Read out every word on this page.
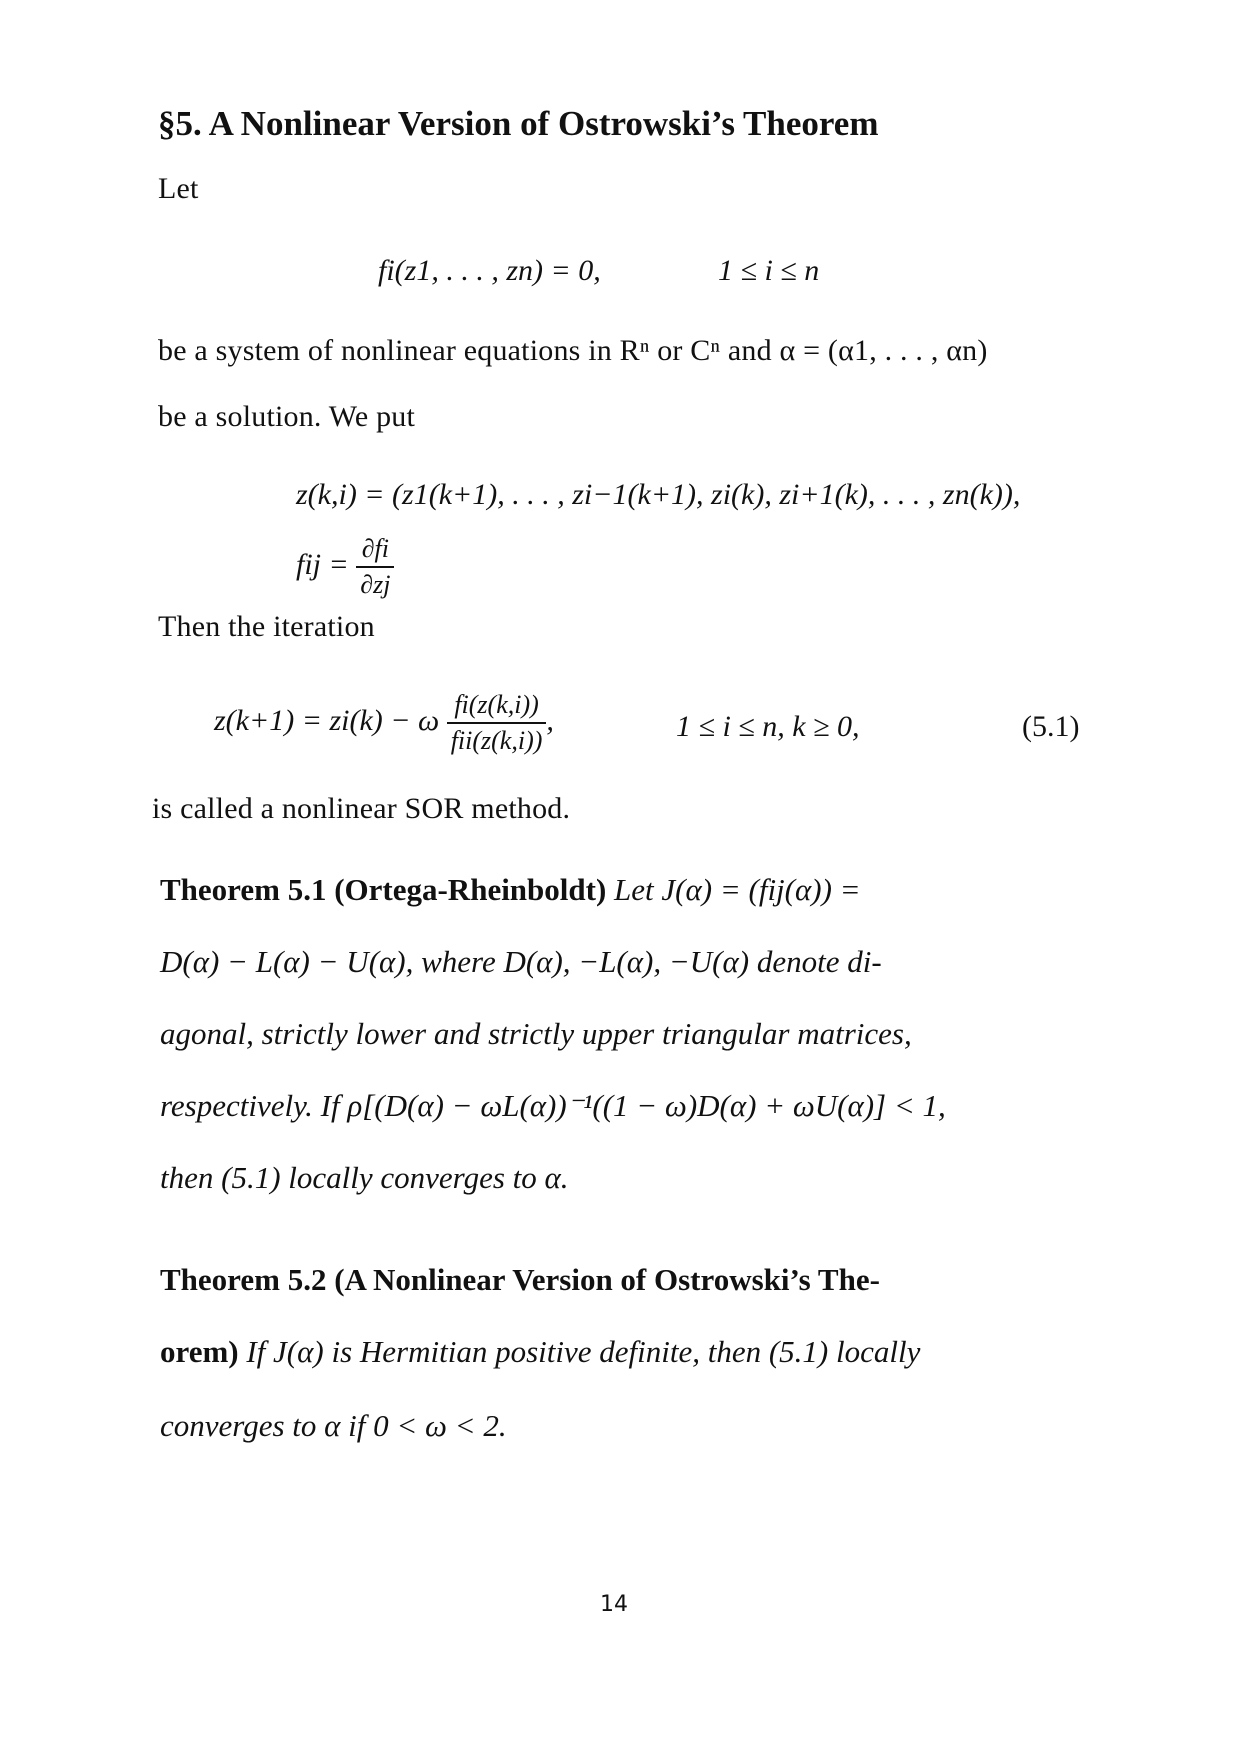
§5. A Nonlinear Version of Ostrowski’s Theorem
Let
fi(z1, . . . , zn) = 0,	1 ≤ i ≤ n
be a system of nonlinear equations in Rⁿ or Cⁿ and α = (α1, . . . , αn)
be a solution. We put
z(k,i) = (z1(k+1), . . . , zi−1(k+1), zi(k), zi+1(k), . . . , zn(k)),
fij = $\frac{\partial fi}{\partial zj}$
Then the iteration
z(k+1) = zi(k) − ω $\frac{fi(z(k,i))}{\text{fii(z(k,i))}}$ ,	1 ≤ i ≤ n, k ≥ 0,	(5.1)
is called a nonlinear SOR method.
Theorem 5.1 (Ortega-Rheinboldt) Let J(α) = (fij(α)) =
D(α) − L(α) − U(α), where D(α), −L(α), −U(α) denote di-
agonal, strictly lower and strictly upper triangular matrices,
respectively. If ρ[(D(α) − ωL(α))⁻¹((1 − ω)D(α) + ωU(α)] < 1,
then (5.1) locally converges to α.
Theorem 5.2 (A Nonlinear Version of Ostrowski’s The-
orem) If J(α) is Hermitian positive definite, then (5.1) locally
converges to α if 0 < ω < 2.
14
